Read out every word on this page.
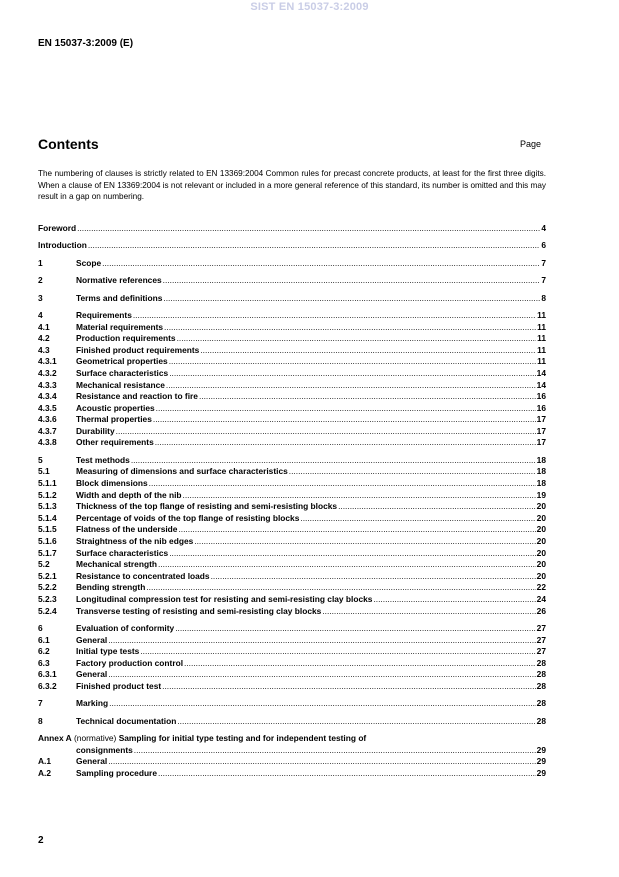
SIST EN 15037-3:2009
EN 15037-3:2009 (E)
Contents	Page
The numbering of clauses is strictly related to EN 13369:2004 Common rules for precast concrete products, at least for the first three digits. When a clause of EN 13369:2004 is not relevant or included in a more general reference of this standard, its number is omitted and this may result in a gap on numbering.
Foreword .....	4
Introduction .....	6
1	Scope .....	7
2	Normative references .....	7
3	Terms and definitions .....	8
4	Requirements .....	11
4.1	Material requirements .....	11
4.2	Production requirements .....	11
4.3	Finished product requirements .....	11
4.3.1 Geometrical properties .....	11
4.3.2 Surface characteristics .....	14
4.3.3 Mechanical resistance .....	14
4.3.4 Resistance and reaction to fire .....	16
4.3.5 Acoustic properties .....	16
4.3.6 Thermal properties .....	17
4.3.7 Durability .....	17
4.3.8 Other requirements .....	17
5	Test methods .....	18
5.1	Measuring of dimensions and surface characteristics .....	18
5.1.1 Block dimensions .....	18
5.1.2 Width and depth of the nib .....	19
5.1.3 Thickness of the top flange of resisting and semi-resisting blocks .....	20
5.1.4 Percentage of voids of the top flange of resisting blocks .....	20
5.1.5 Flatness of the underside .....	20
5.1.6 Straightness of the nib edges .....	20
5.1.7 Surface characteristics .....	20
5.2	Mechanical strength .....	20
5.2.1 Resistance to concentrated loads .....	20
5.2.2 Bending strength .....	22
5.2.3 Longitudinal compression test for resisting and semi-resisting clay blocks .....	24
5.2.4 Transverse testing of resisting and semi-resisting clay blocks .....	26
6	Evaluation of conformity .....	27
6.1	General .....	27
6.2	Initial type tests .....	27
6.3	Factory production control .....	28
6.3.1 General .....	28
6.3.2 Finished product test .....	28
7	Marking .....	28
8	Technical documentation .....	28
Annex A (normative) Sampling for initial type testing and for independent testing of
consignments .....	29
A.1	General .....	29
A.2	Sampling procedure .....	29
2
